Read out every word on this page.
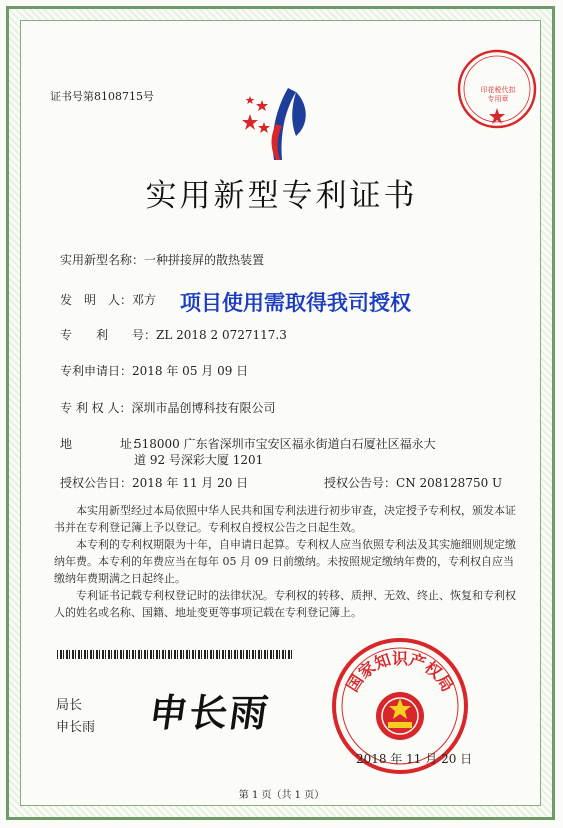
证书号第8108715号	印花税代扣专用章
实用新型专利证书
实用新型名称：一种拼接屏的散热装置
发　明　人：邓方 项目使用需取得我司授权
专　　利　　号：ZL 2018 2 0727117.3
专利申请日：2018 年 05 月 09 日
专 利 权 人：深圳市晶创博科技有限公司
地　　　　址：
518000 广东省深圳市宝安区福永街道白石厦社区福永大
道 92 号深彩大厦 1201
授权公告日：2018 年 11 月 20 日	授权公告号：CN 208128750 U

本实用新型经过本局依照中华人民共和国专利法进行初步审查，决定授予专利权，颁发本证书并在专利登记簿上予以登记。专利权自授权公告之日起生效。

本专利的专利权期限为十年，自申请日起算。专利权人应当依照专利法及其实施细则规定缴纳年费。本专利的年费应当在每年 05 月 09 日前缴纳。未按照规定缴纳年费的，专利权自应当缴纳年费期满之日起终止。

专利证书记载专利权登记时的法律状况。专利权的转移、质押、无效、终止、恢复和专利权人的姓名或名称、国籍、地址变更等事项记载在专利登记簿上。

局长
申长雨 申长雨
国家知识产权局
2018 年 11 月 20 日
第 1 页（共 1 页）
